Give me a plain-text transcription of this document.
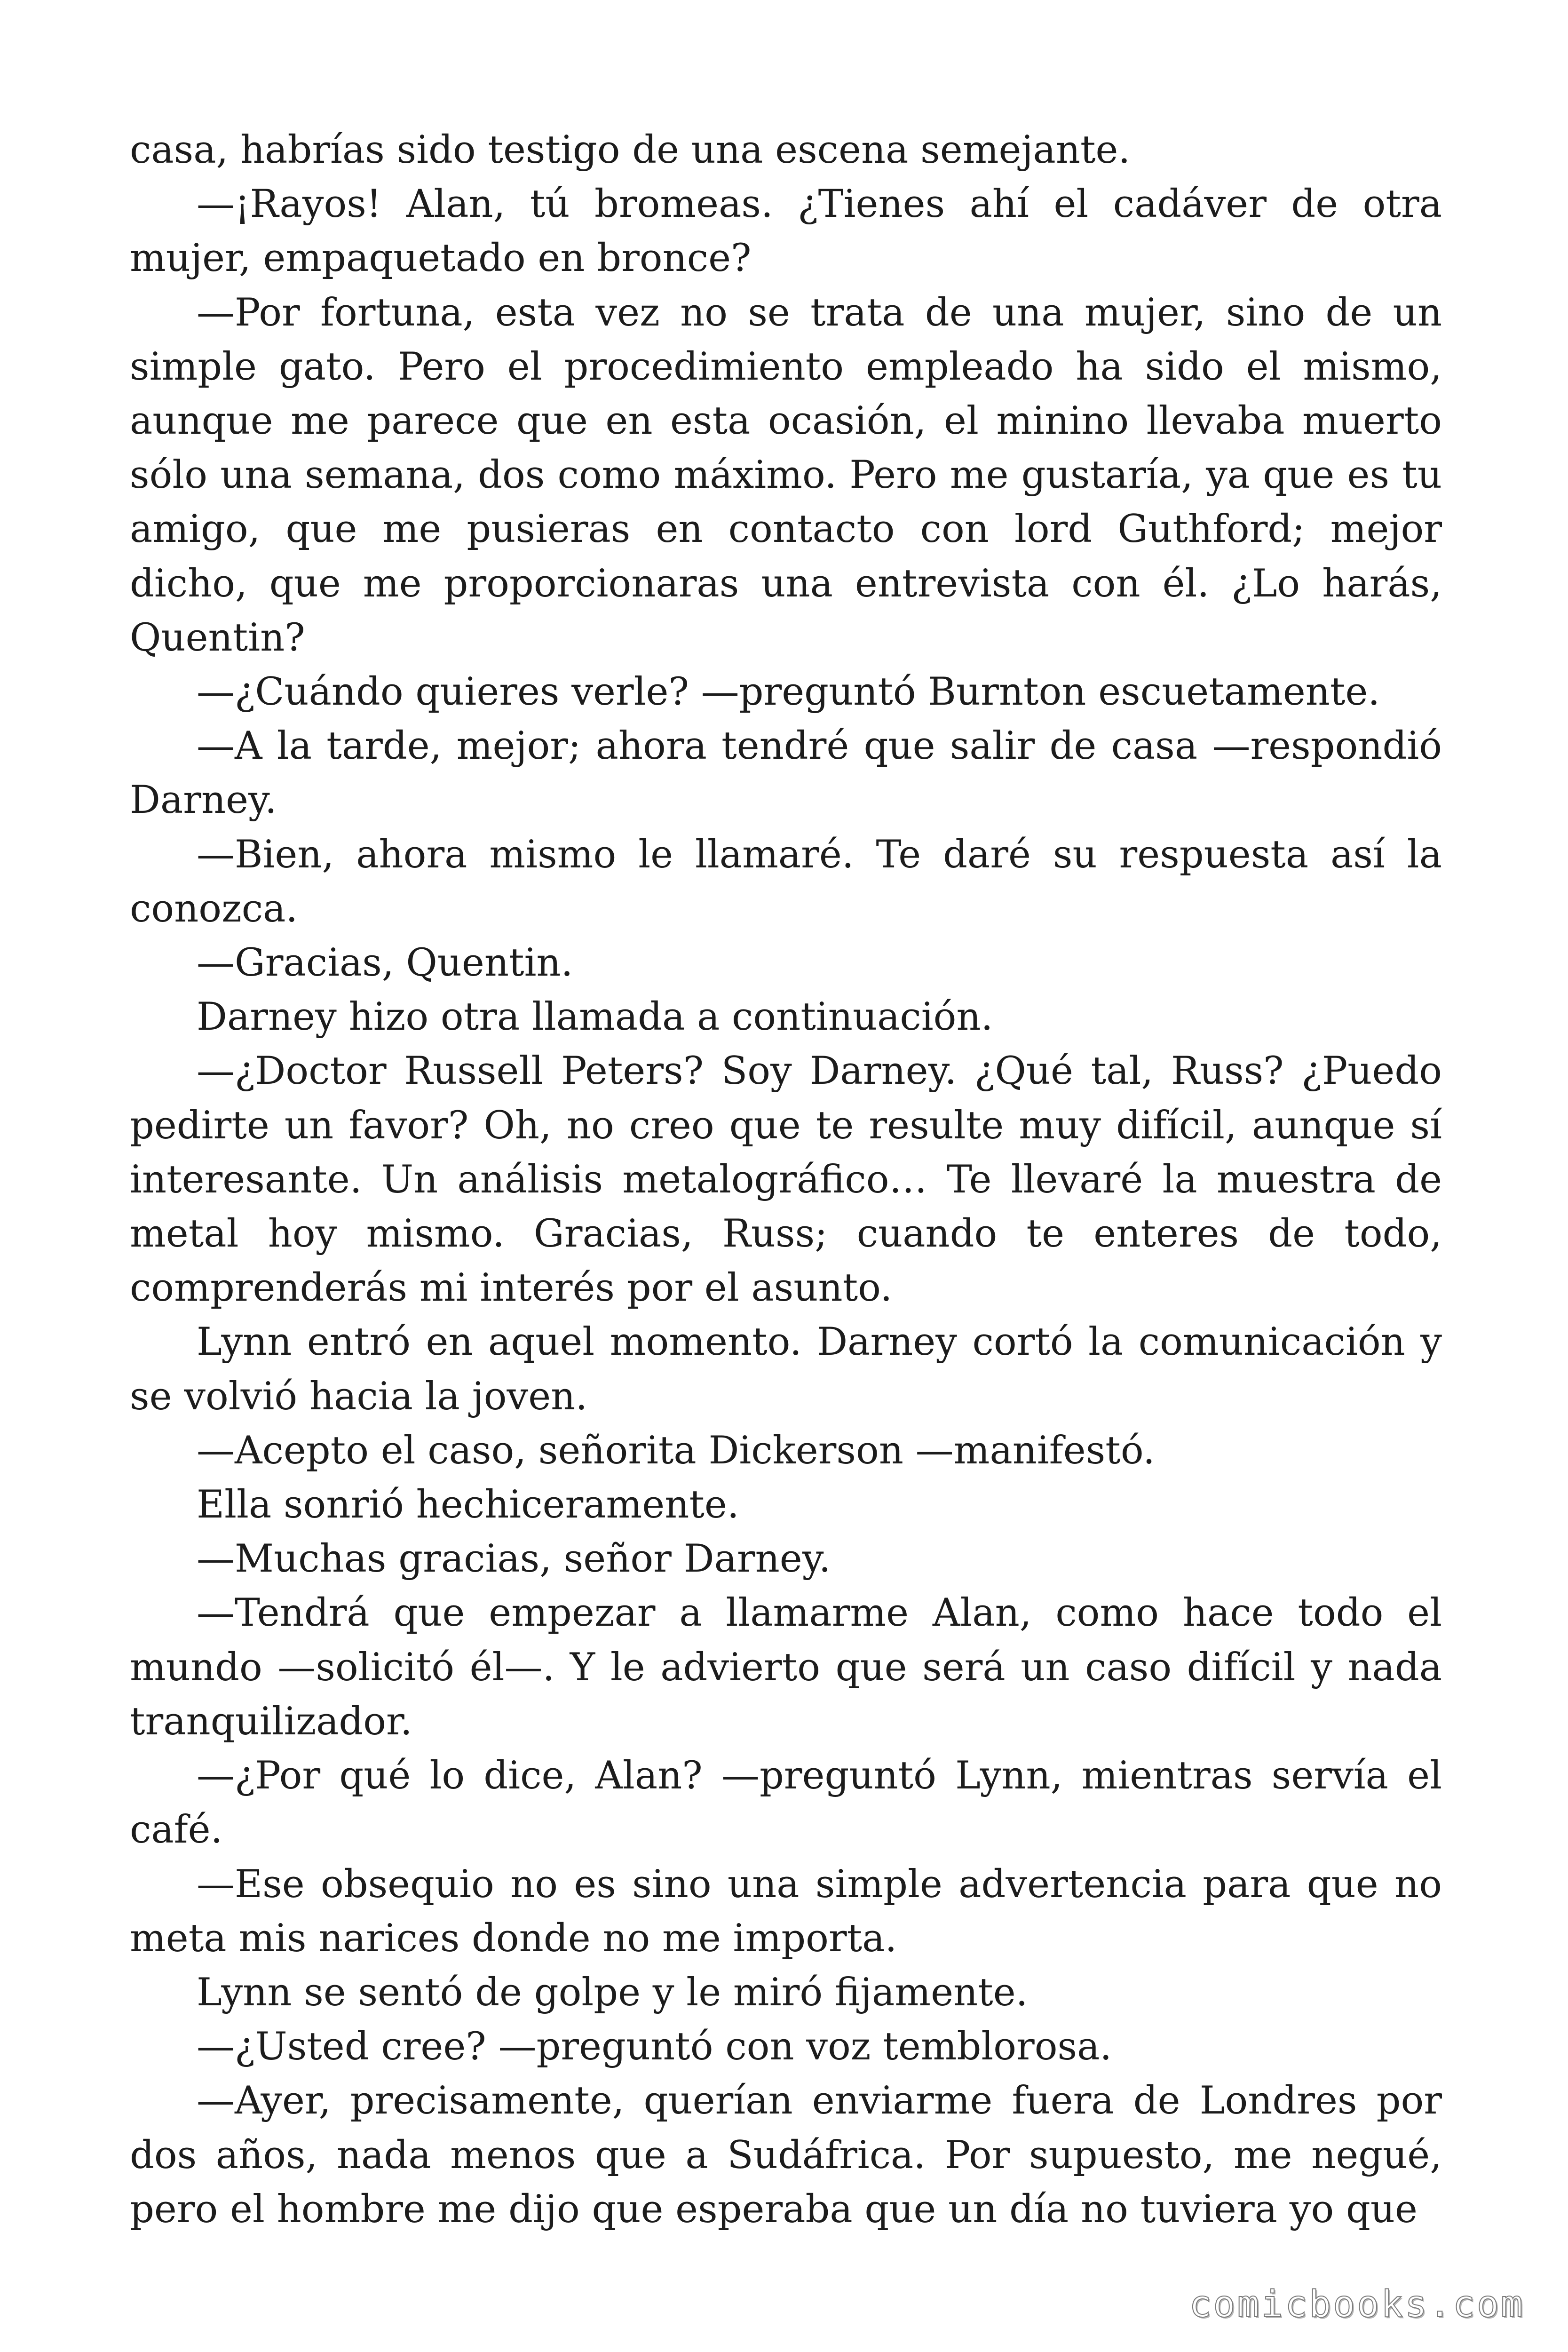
casa, habrías sido testigo de una escena semejante.

—¡Rayos! Alan, tú bromeas. ¿Tienes ahí el cadáver de otra mujer, empaquetado en bronce?

—Por fortuna, esta vez no se trata de una mujer, sino de un simple gato. Pero el procedimiento empleado ha sido el mismo, aunque me parece que en esta ocasión, el minino llevaba muerto sólo una semana, dos como máximo. Pero me gustaría, ya que es tu amigo, que me pusieras en contacto con lord Guthford; mejor dicho, que me proporcionaras una entrevista con él. ¿Lo harás, Quentin?

—¿Cuándo quieres verle? —preguntó Burnton escuetamente.

—A la tarde, mejor; ahora tendré que salir de casa —respondió Darney.

—Bien, ahora mismo le llamaré. Te daré su respuesta así la conozca.

—Gracias, Quentin.

Darney hizo otra llamada a continuación.

—¿Doctor Russell Peters? Soy Darney. ¿Qué tal, Russ? ¿Puedo pedirte un favor? Oh, no creo que te resulte muy difícil, aunque sí interesante. Un análisis metalográfico… Te llevaré la muestra de metal hoy mismo. Gracias, Russ; cuando te enteres de todo, comprenderás mi interés por el asunto.

Lynn entró en aquel momento. Darney cortó la comunicación y se volvió hacia la joven.

—Acepto el caso, señorita Dickerson —manifestó.

Ella sonrió hechiceramente.

—Muchas gracias, señor Darney.

—Tendrá que empezar a llamarme Alan, como hace todo el mundo —solicitó él—. Y le advierto que será un caso difícil y nada tranquilizador.

—¿Por qué lo dice, Alan? —preguntó Lynn, mientras servía el café.

—Ese obsequio no es sino una simple advertencia para que no meta mis narices donde no me importa.

Lynn se sentó de golpe y le miró fijamente.

—¿Usted cree? —preguntó con voz temblorosa.

—Ayer, precisamente, querían enviarme fuera de Londres por dos años, nada menos que a Sudáfrica. Por supuesto, me negué, pero el hombre me dijo que esperaba que un día no tuviera yo que

comicbooks.com
